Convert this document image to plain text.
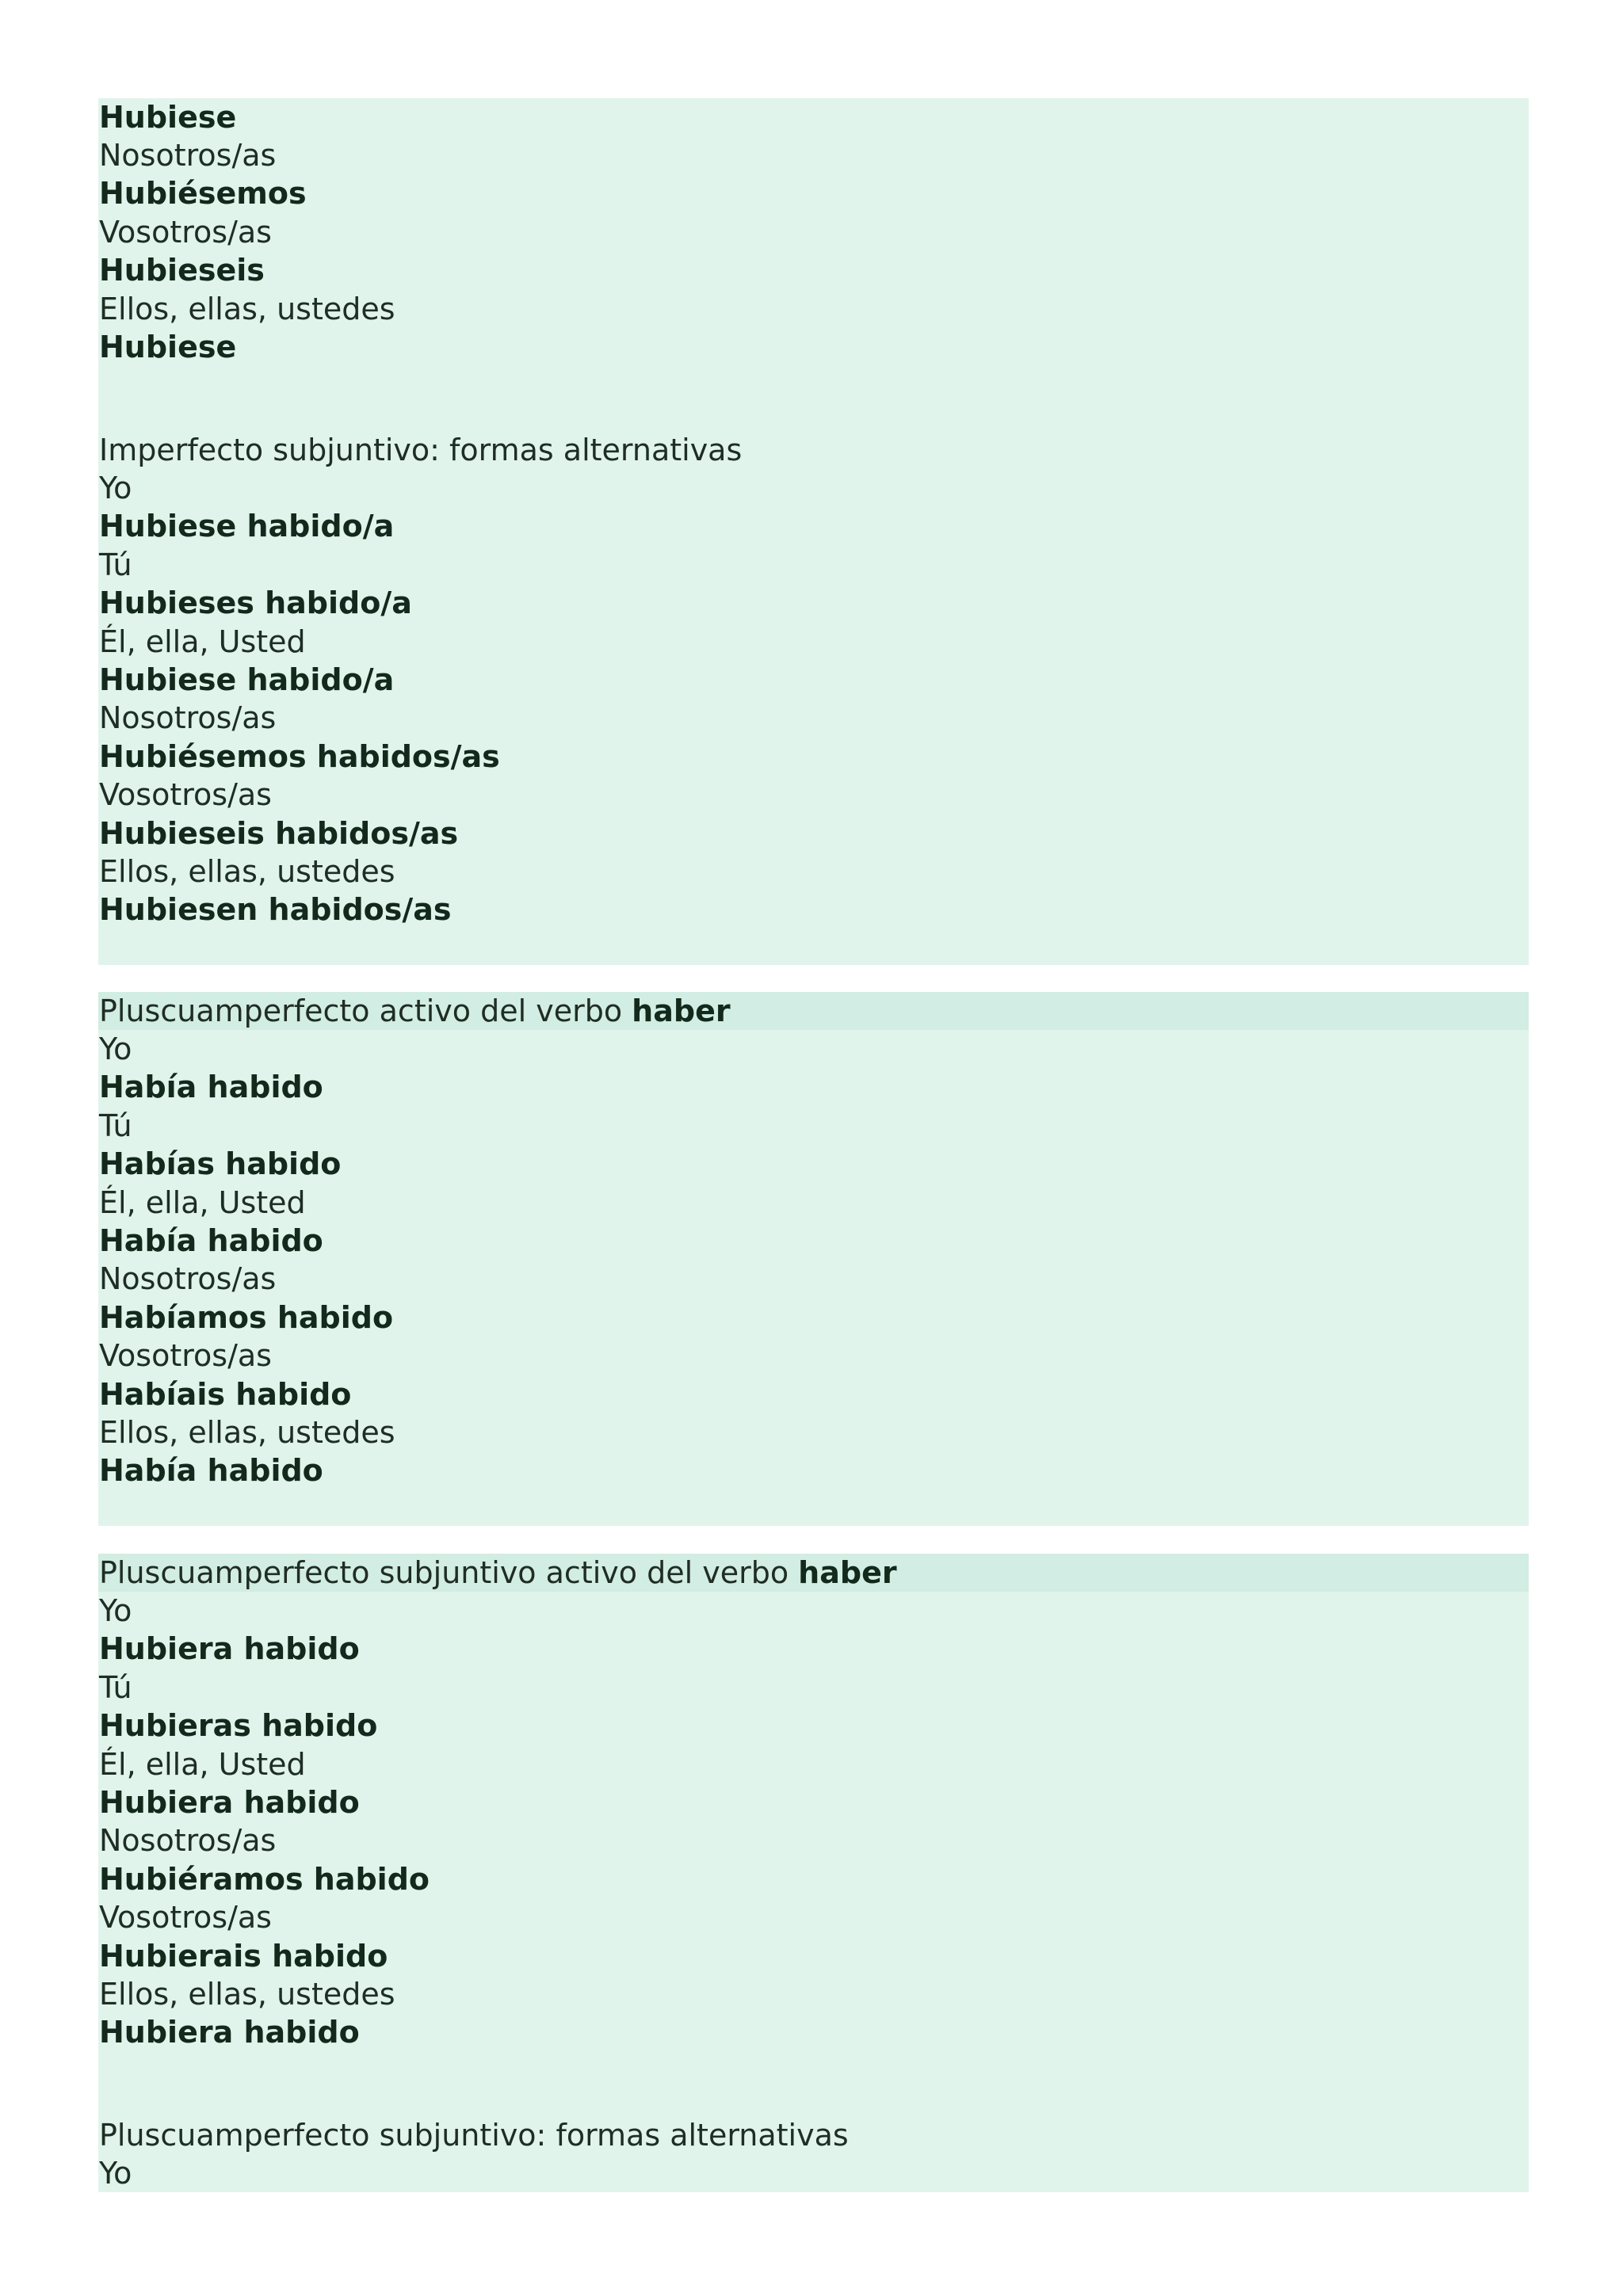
Hubiese
Nosotros/as
Hubiésemos
Vosotros/as
Hubieseis
Ellos, ellas, ustedes
Hubiese
Imperfecto subjuntivo: formas alternativas
Yo
Hubiese habido/a
Tú
Hubieses habido/a
Él, ella, Usted
Hubiese habido/a
Nosotros/as
Hubiésemos habidos/as
Vosotros/as
Hubieseis habidos/as
Ellos, ellas, ustedes
Hubiesen habidos/as
Pluscuamperfecto activo del verbo haber
Yo
Había habido
Tú
Habías habido
Él, ella, Usted
Había habido
Nosotros/as
Habíamos habido
Vosotros/as
Habíais habido
Ellos, ellas, ustedes
Había habido
Pluscuamperfecto subjuntivo activo del verbo haber
Yo
Hubiera habido
Tú
Hubieras habido
Él, ella, Usted
Hubiera habido
Nosotros/as
Hubiéramos habido
Vosotros/as
Hubierais habido
Ellos, ellas, ustedes
Hubiera habido
Pluscuamperfecto subjuntivo: formas alternativas
Yo
